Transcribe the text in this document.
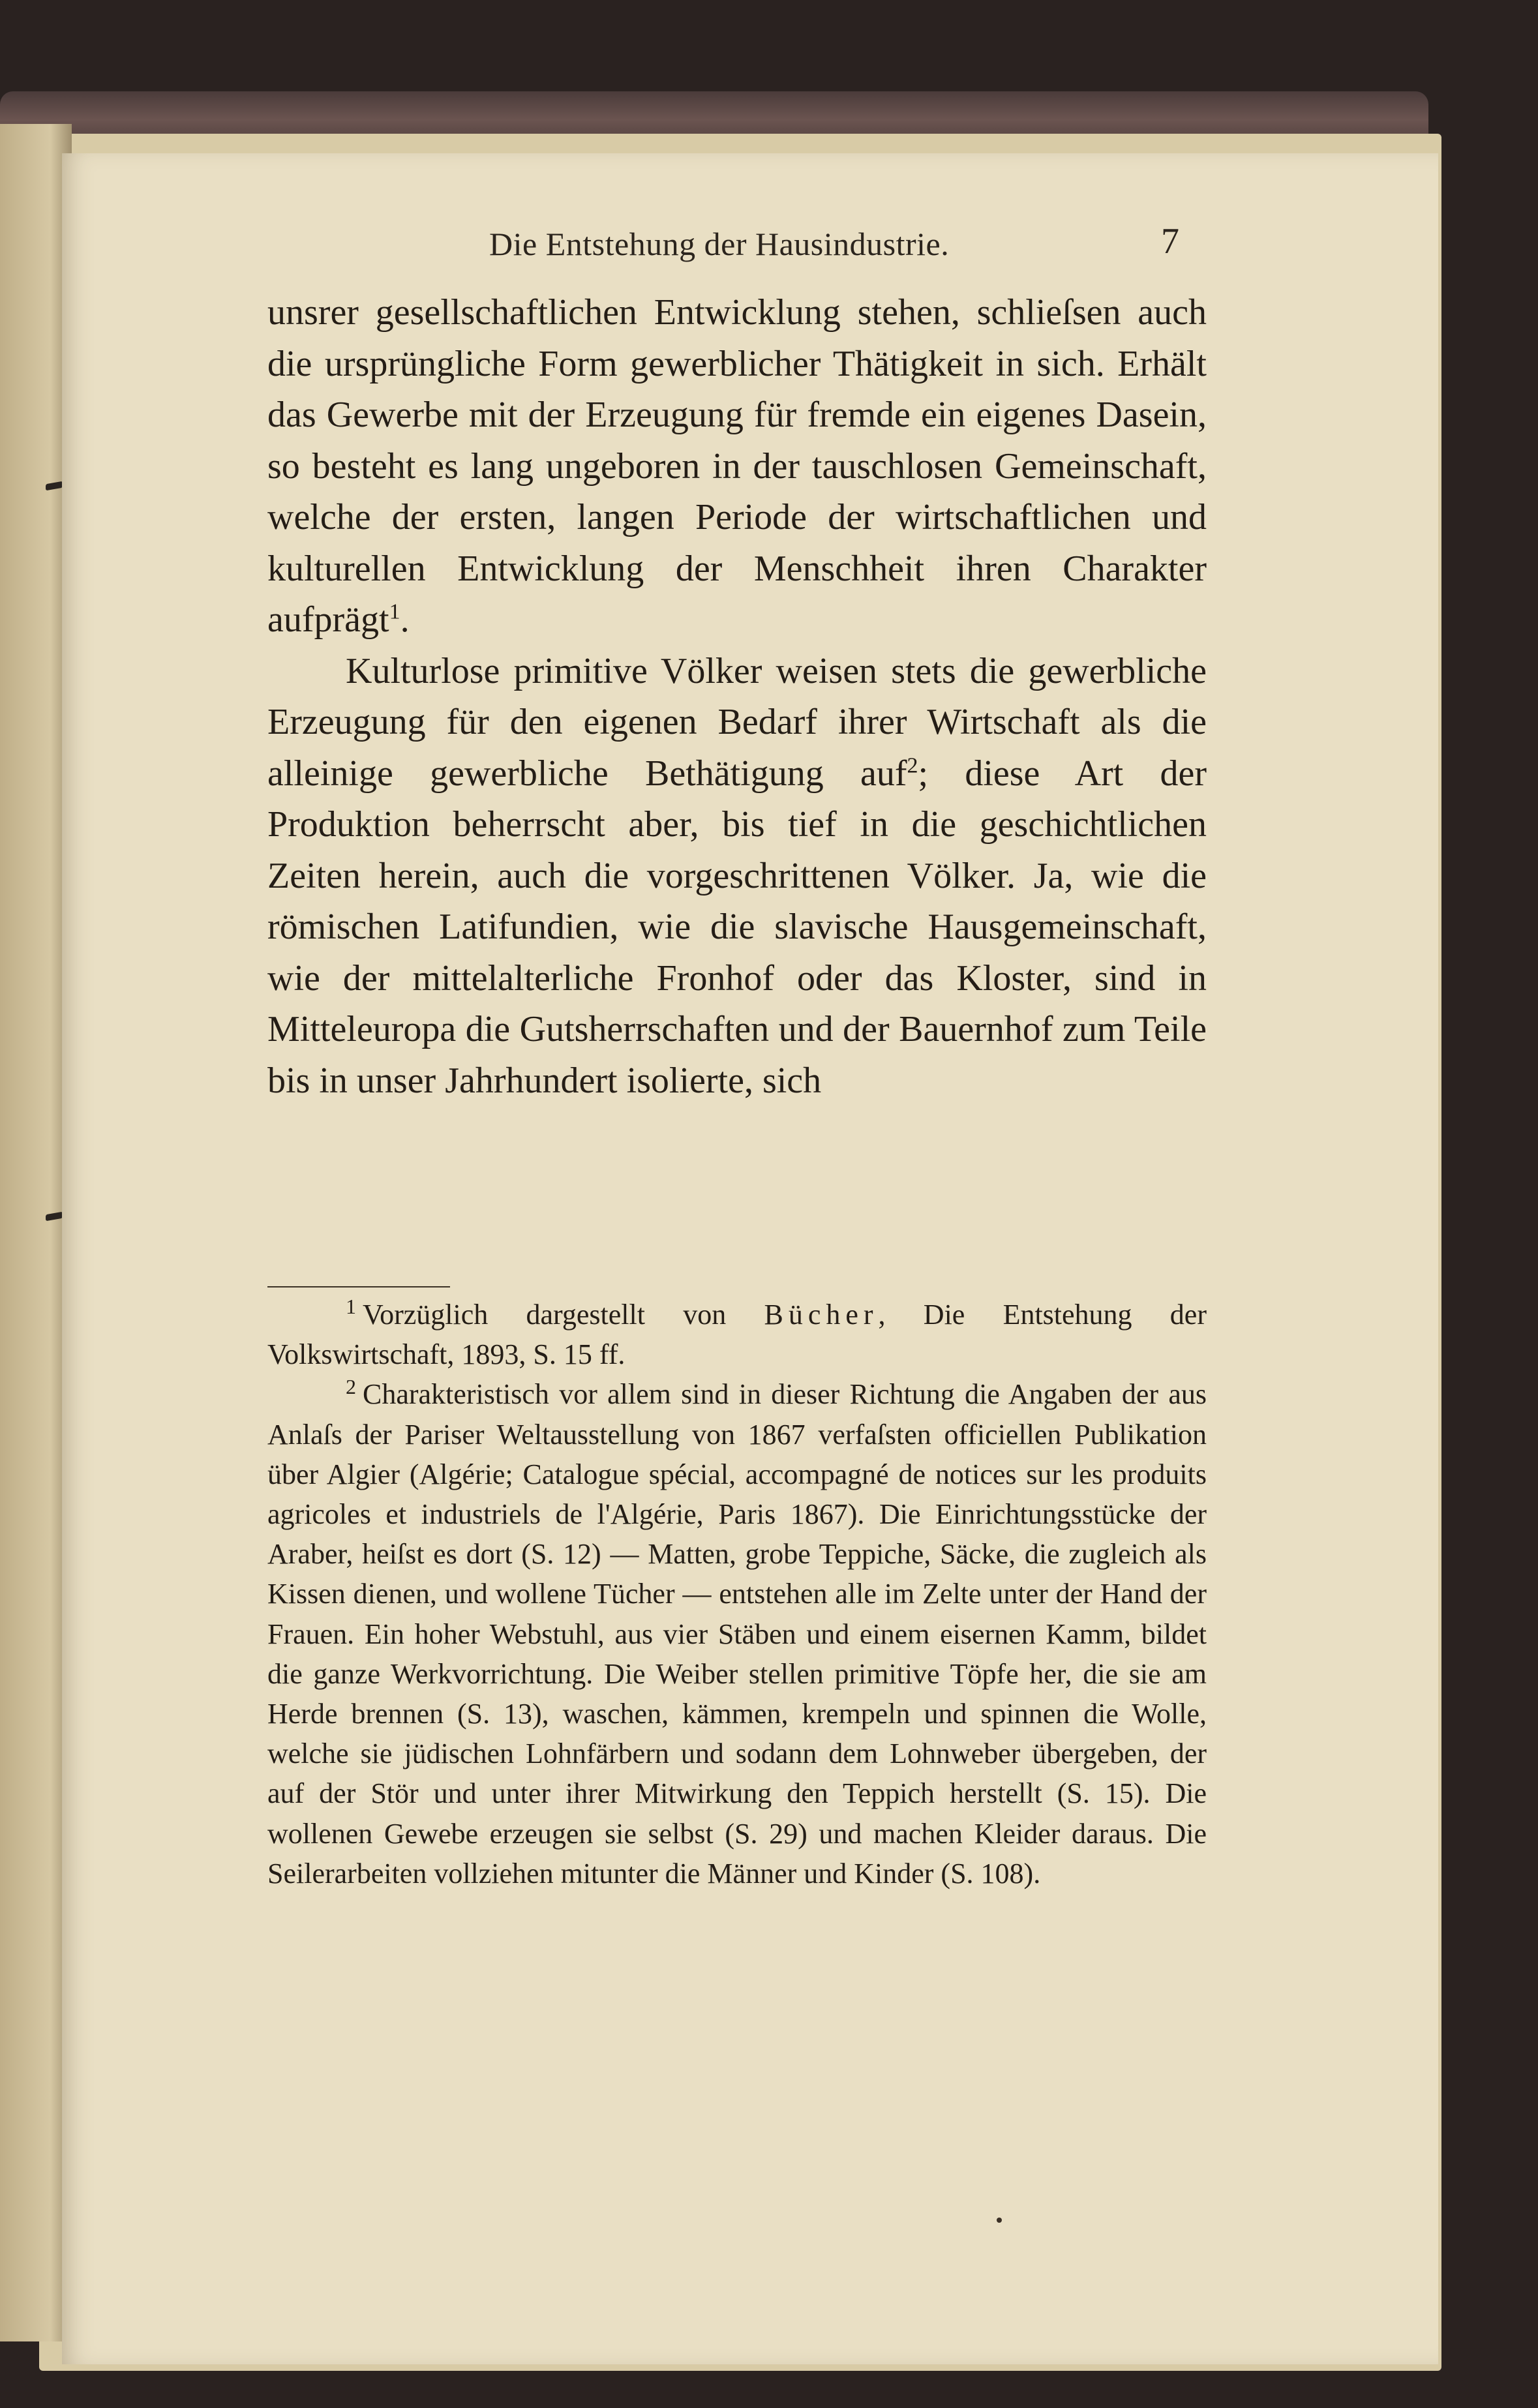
Die Entstehung der Hausindustrie.	7

unsrer gesellschaftlichen Entwicklung stehen, schlieſsen auch die ursprüngliche Form gewerblicher Thätigkeit in sich. Erhält das Gewerbe mit der Erzeugung für fremde ein eigenes Dasein, so besteht es lang ungeboren in der tauschlosen Gemeinschaft, welche der ersten, langen Periode der wirtschaftlichen und kulturellen Entwicklung der Menschheit ihren Charakter aufprägt$^1$.

Kulturlose primitive Völker weisen stets die gewerbliche Erzeugung für den eigenen Bedarf ihrer Wirtschaft als die alleinige gewerbliche Bethätigung auf$^2$; diese Art der Produktion beherrscht aber, bis tief in die geschichtlichen Zeiten herein, auch die vorgeschrittenen Völker. Ja, wie die römischen Latifundien, wie die slavische Hausgemeinschaft, wie der mittelalterliche Fronhof oder das Kloster, sind in Mitteleuropa die Gutsherrschaften und der Bauernhof zum Teile bis in unser Jahrhundert isolierte, sich

$^1$ Vorzüglich dargestellt von Bücher, Die Entstehung der Volkswirtschaft, 1893, S. 15 ff.

$^2$ Charakteristisch vor allem sind in dieser Richtung die Angaben der aus Anlaſs der Pariser Weltausstellung von 1867 verfaſsten officiellen Publikation über Algier (Algérie; Catalogue spécial, accompagné de notices sur les produits agricoles et industriels de l'Algérie, Paris 1867). Die Einrichtungsstücke der Araber, heiſst es dort (S. 12) — Matten, grobe Teppiche, Säcke, die zugleich als Kissen dienen, und wollene Tücher — entstehen alle im Zelte unter der Hand der Frauen. Ein hoher Webstuhl, aus vier Stäben und einem eisernen Kamm, bildet die ganze Werkvorrichtung. Die Weiber stellen primitive Töpfe her, die sie am Herde brennen (S. 13), waschen, kämmen, krempeln und spinnen die Wolle, welche sie jüdischen Lohnfärbern und sodann dem Lohnweber übergeben, der auf der Stör und unter ihrer Mitwirkung den Teppich herstellt (S. 15). Die wollenen Gewebe erzeugen sie selbst (S. 29) und machen Kleider daraus. Die Seilerarbeiten vollziehen mitunter die Männer und Kinder (S. 108).
